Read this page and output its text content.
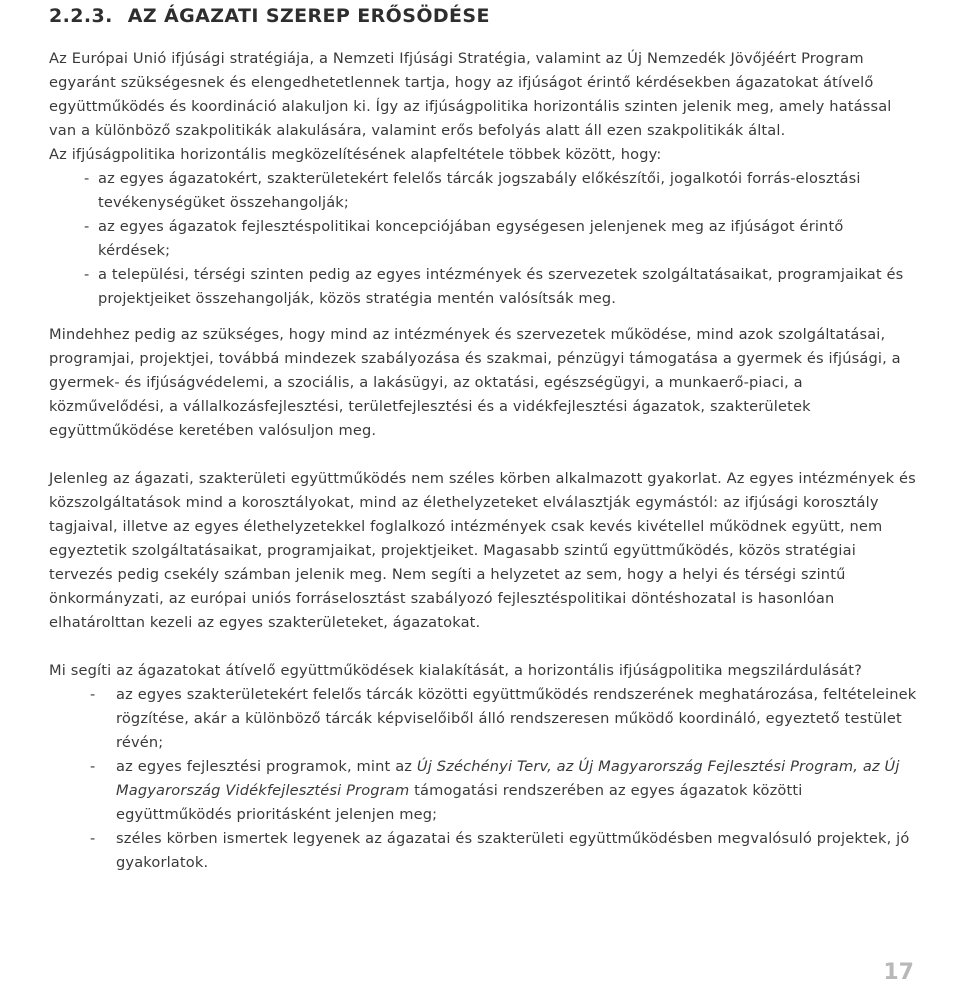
2.2.3. AZ ÁGAZATI SZEREP ERŐSÖDÉSE

Az Európai Unió ifjúsági stratégiája, a Nemzeti Ifjúsági Stratégia, valamint az Új Nemzedék Jövőjéért Program egyaránt szükségesnek és elengedhetetlennek tartja, hogy az ifjúságot érintő kérdésekben ágazatokat átívelő együttműködés és koordináció alakuljon ki. Így az ifjúságpolitika horizontális szinten jelenik meg, amely hatással van a különböző szakpolitikák alakulására, valamint erős befolyás alatt áll ezen szakpolitikák által.

Az ifjúságpolitika horizontális megközelítésének alapfeltétele többek között, hogy:

- az egyes ágazatokért, szakterületekért felelős tárcák jogszabály előkészítői, jogalkotói forrás-elosztási tevékenységüket összehangolják;
- az egyes ágazatok fejlesztéspolitikai koncepciójában egységesen jelenjenek meg az ifjúságot érintő kérdések;
- a települési, térségi szinten pedig az egyes intézmények és szervezetek szolgáltatásaikat, programjaikat és projektjeiket összehangolják, közös stratégia mentén valósítsák meg.

Mindehhez pedig az szükséges, hogy mind az intézmények és szervezetek működése, mind azok szolgáltatásai, programjai, projektjei, továbbá mindezek szabályozása és szakmai, pénzügyi támogatása a gyermek és ifjúsági, a gyermek- és ifjúságvédelemi, a szociális, a lakásügyi, az oktatási, egészségügyi, a munkaerő-piaci, a közművelődési, a vállalkozásfejlesztési, területfejlesztési és a vidékfejlesztési ágazatok, szakterületek együttműködése keretében valósuljon meg.

Jelenleg az ágazati, szakterületi együttműködés nem széles körben alkalmazott gyakorlat. Az egyes intézmények és közszolgáltatások mind a korosztályokat, mind az élethelyzeteket elválasztják egymástól: az ifjúsági korosztály tagjaival, illetve az egyes élethelyzetekkel foglalkozó intézmények csak kevés kivétellel működnek együtt, nem egyeztetik szolgáltatásaikat, programjaikat, projektjeiket. Magasabb szintű együttműködés, közös stratégiai tervezés pedig csekély számban jelenik meg. Nem segíti a helyzetet az sem, hogy a helyi és térségi szintű önkormányzati, az európai uniós forráselosztást szabályozó fejlesztéspolitikai döntéshozatal is hasonlóan elhatárolttan kezeli az egyes szakterületeket, ágazatokat.

Mi segíti az ágazatokat átívelő együttműködések kialakítását, a horizontális ifjúságpolitika megszilárdulását?

- az egyes szakterületekért felelős tárcák közötti együttműködés rendszerének meghatározása, feltételeinek rögzítése, akár a különböző tárcák képviselőiből álló rendszeresen működő koordináló, egyeztető testület révén;
- az egyes fejlesztési programok, mint az Új Széchényi Terv, az Új Magyarország Fejlesztési Program, az Új Magyarország Vidékfejlesztési Program támogatási rendszerében az egyes ágazatok közötti együttműködés prioritásként jelenjen meg;
- széles körben ismertek legyenek az ágazatai és szakterületi együttműködésben megvalósuló projektek, jó gyakorlatok.
17
